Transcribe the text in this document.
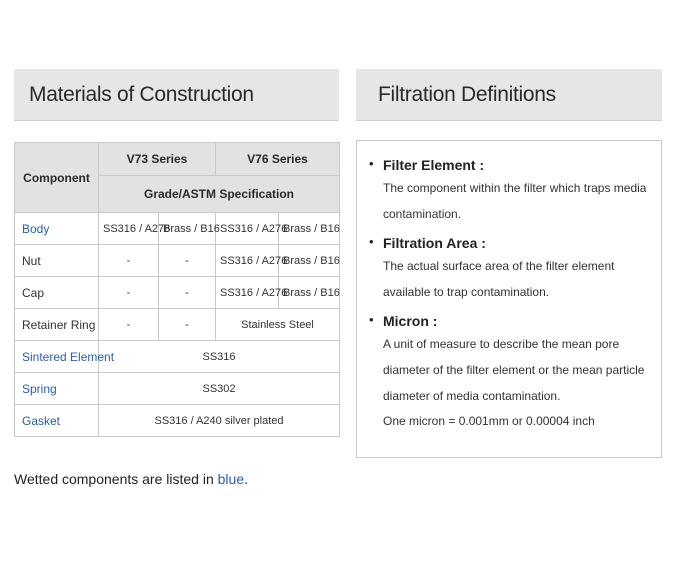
Materials of Construction
Component	V73 Series		V76 Series	
	Grade/ASTM Specification			
Body	SS316 / A276	Brass / B16	SS316 / A276	Brass / B16
Nut	-	-	SS316 / A276	Brass / B16
Cap	-	-	SS316 / A276	Brass / B16
Retainer Ring	-	-	Stainless Steel	
Sintered Element	SS316			
Spring	SS302			
Gasket	SS316 / A240 silver plated			
Wetted components are listed in blue.
Filtration Definitions
• Filter Element :
The component within the filter which traps media contamination.
• Filtration Area :
The actual surface area of the filter element available to trap contamination.
• Micron :
A unit of measure to describe the mean pore diameter of the filter element or the mean particle diameter of media contamination.
One micron = 0.001mm or 0.00004 inch
